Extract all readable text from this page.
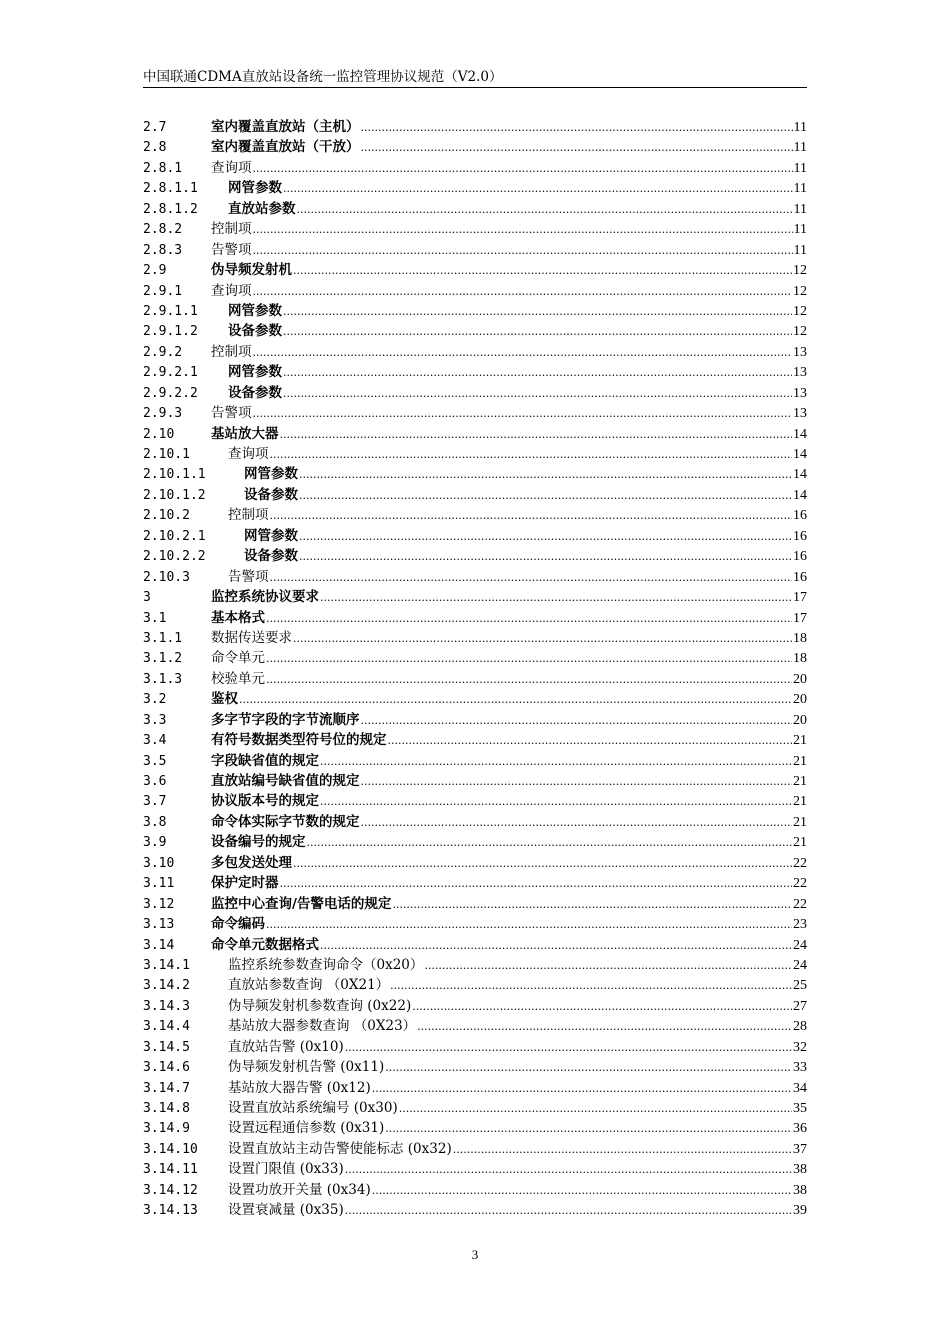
中国联通CDMA直放站设备统一监控管理协议规范（V2.0）
2.7	室内覆盖直放站（主机） .....	11
2.8	室内覆盖直放站（干放） .....	11
2.8.1	查询项 .....	11
2.8.1.1	网管参数 .....	11
2.8.1.2	直放站参数 .....	11
2.8.2	控制项 .....	11
2.8.3	告警项 .....	11
2.9	伪导频发射机 .....	12
2.9.1	查询项 .....	12
2.9.1.1	网管参数 .....	12
2.9.1.2	设备参数 .....	12
2.9.2	控制项 .....	13
2.9.2.1	网管参数 .....	13
2.9.2.2	设备参数 .....	13
2.9.3	告警项 .....	13
2.10	基站放大器 .....	14
2.10.1	查询项 .....	14
2.10.1.1	网管参数 .....	14
2.10.1.2	设备参数 .....	14
2.10.2	控制项 .....	16
2.10.2.1	网管参数 .....	16
2.10.2.2	设备参数 .....	16
2.10.3	告警项 .....	16
3	监控系统协议要求 .....	17
3.1	基本格式 .....	17
3.1.1	数据传送要求 .....	18
3.1.2	命令单元 .....	18
3.1.3	校验单元 .....	20
3.2	鉴权 .....	20
3.3	多字节字段的字节流顺序 .....	20
3.4	有符号数据类型符号位的规定 .....	21
3.5	字段缺省值的规定 .....	21
3.6	直放站编号缺省值的规定 .....	21
3.7	协议版本号的规定 .....	21
3.8	命令体实际字节数的规定 .....	21
3.9	设备编号的规定 .....	21
3.10	多包发送处理 .....	22
3.11	保护定时器 .....	22
3.12	监控中心查询/告警电话的规定 .....	22
3.13	命令编码 .....	23
3.14	命令单元数据格式 .....	24
3.14.1	监控系统参数查询命令（0x20） .....	24
3.14.2	直放站参数查询 （0X21） .....	25
3.14.3	伪导频发射机参数查询 (0x22) .....	27
3.14.4	基站放大器参数查询 （0X23） .....	28
3.14.5	直放站告警 (0x10) .....	32
3.14.6	伪导频发射机告警 (0x11) .....	33
3.14.7	基站放大器告警 (0x12) .....	34
3.14.8	设置直放站系统编号 (0x30) .....	35
3.14.9	设置远程通信参数 (0x31) .....	36
3.14.10	设置直放站主动告警使能标志 (0x32) .....	37
3.14.11	设置门限值 (0x33) .....	38
3.14.12	设置功放开关量 (0x34) .....	38
3.14.13	设置衰减量 (0x35) .....	39
3
